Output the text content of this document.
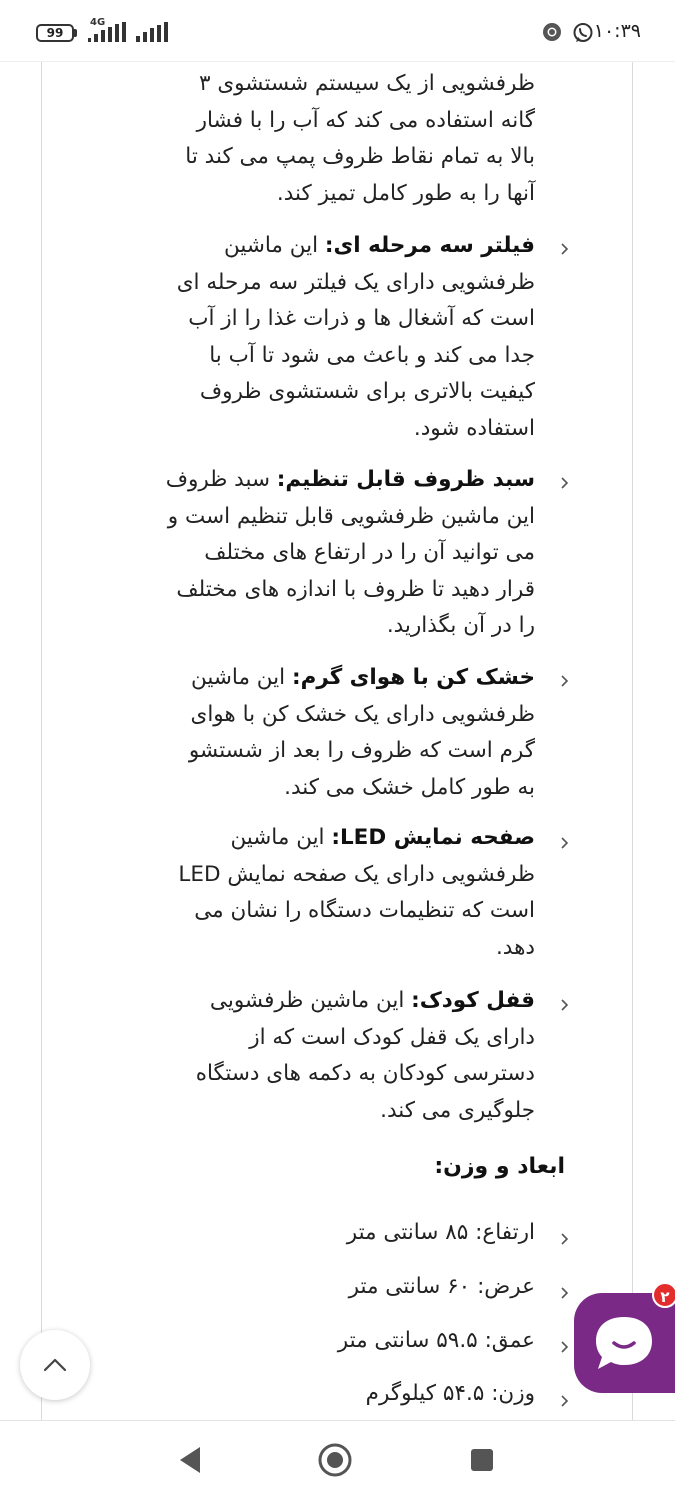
99
4G	۱۰:۳۹
ظرفشویی از یک سیستم شستشوی ۳ گانه استفاده می کند که آب را با فشار بالا به تمام نقاط ظروف پمپ می کند تا آنها را به طور کامل تمیز کند.
فیلتر سه مرحله ای: این ماشین ظرفشویی دارای یک فیلتر سه مرحله ای است که آشغال ها و ذرات غذا را از آب جدا می کند و باعث می شود تا آب با کیفیت بالاتری برای شستشوی ظروف استفاده شود.
سبد ظروف قابل تنظیم: سبد ظروف این ماشین ظرفشویی قابل تنظیم است و می توانید آن را در ارتفاع های مختلف قرار دهید تا ظروف با اندازه های مختلف را در آن بگذارید.
خشک کن با هوای گرم: این ماشین ظرفشویی دارای یک خشک کن با هوای گرم است که ظروف را بعد از شستشو به طور کامل خشک می کند.
صفحه نمایش LED: این ماشین ظرفشویی دارای یک صفحه نمایش LED است که تنظیمات دستگاه را نشان می دهد.
قفل کودک: این ماشین ظرفشویی دارای یک قفل کودک است که از دسترسی کودکان به دکمه های دستگاه جلوگیری می کند.
ابعاد و وزن:
ارتفاع: ۸۵ سانتی متر
عرض: ۶۰ سانتی متر
عمق: ۵۹.۵ سانتی متر
وزن: ۵۴.۵ کیلوگرم
۲
